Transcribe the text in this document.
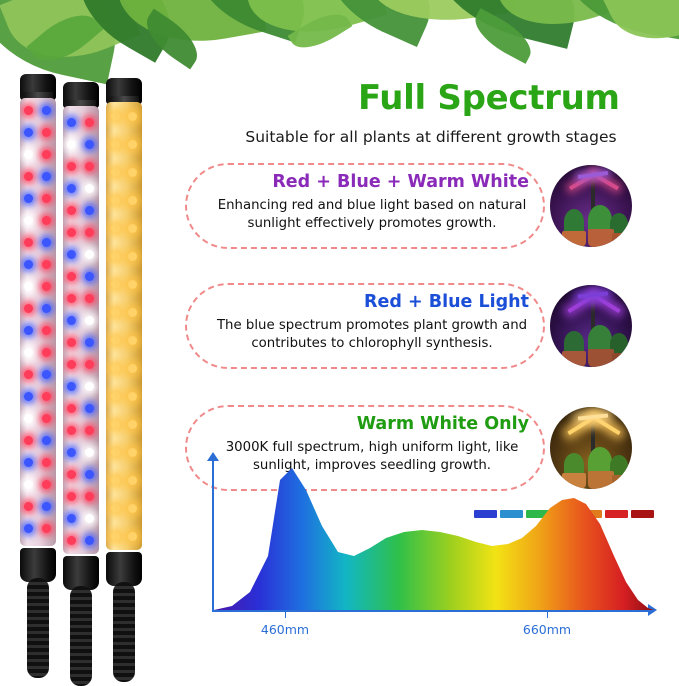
Full Spectrum
Suitable for all plants at different growth stages
Red + Blue + Warm White
Enhancing red and blue light based on natural sunlight effectively promotes growth.
Red + Blue Light
The blue spectrum promotes plant growth and contributes to chlorophyll synthesis.
Warm White Only
3000K full spectrum, high uniform light, like sunlight, improves seedling growth.
460mm	660mm
